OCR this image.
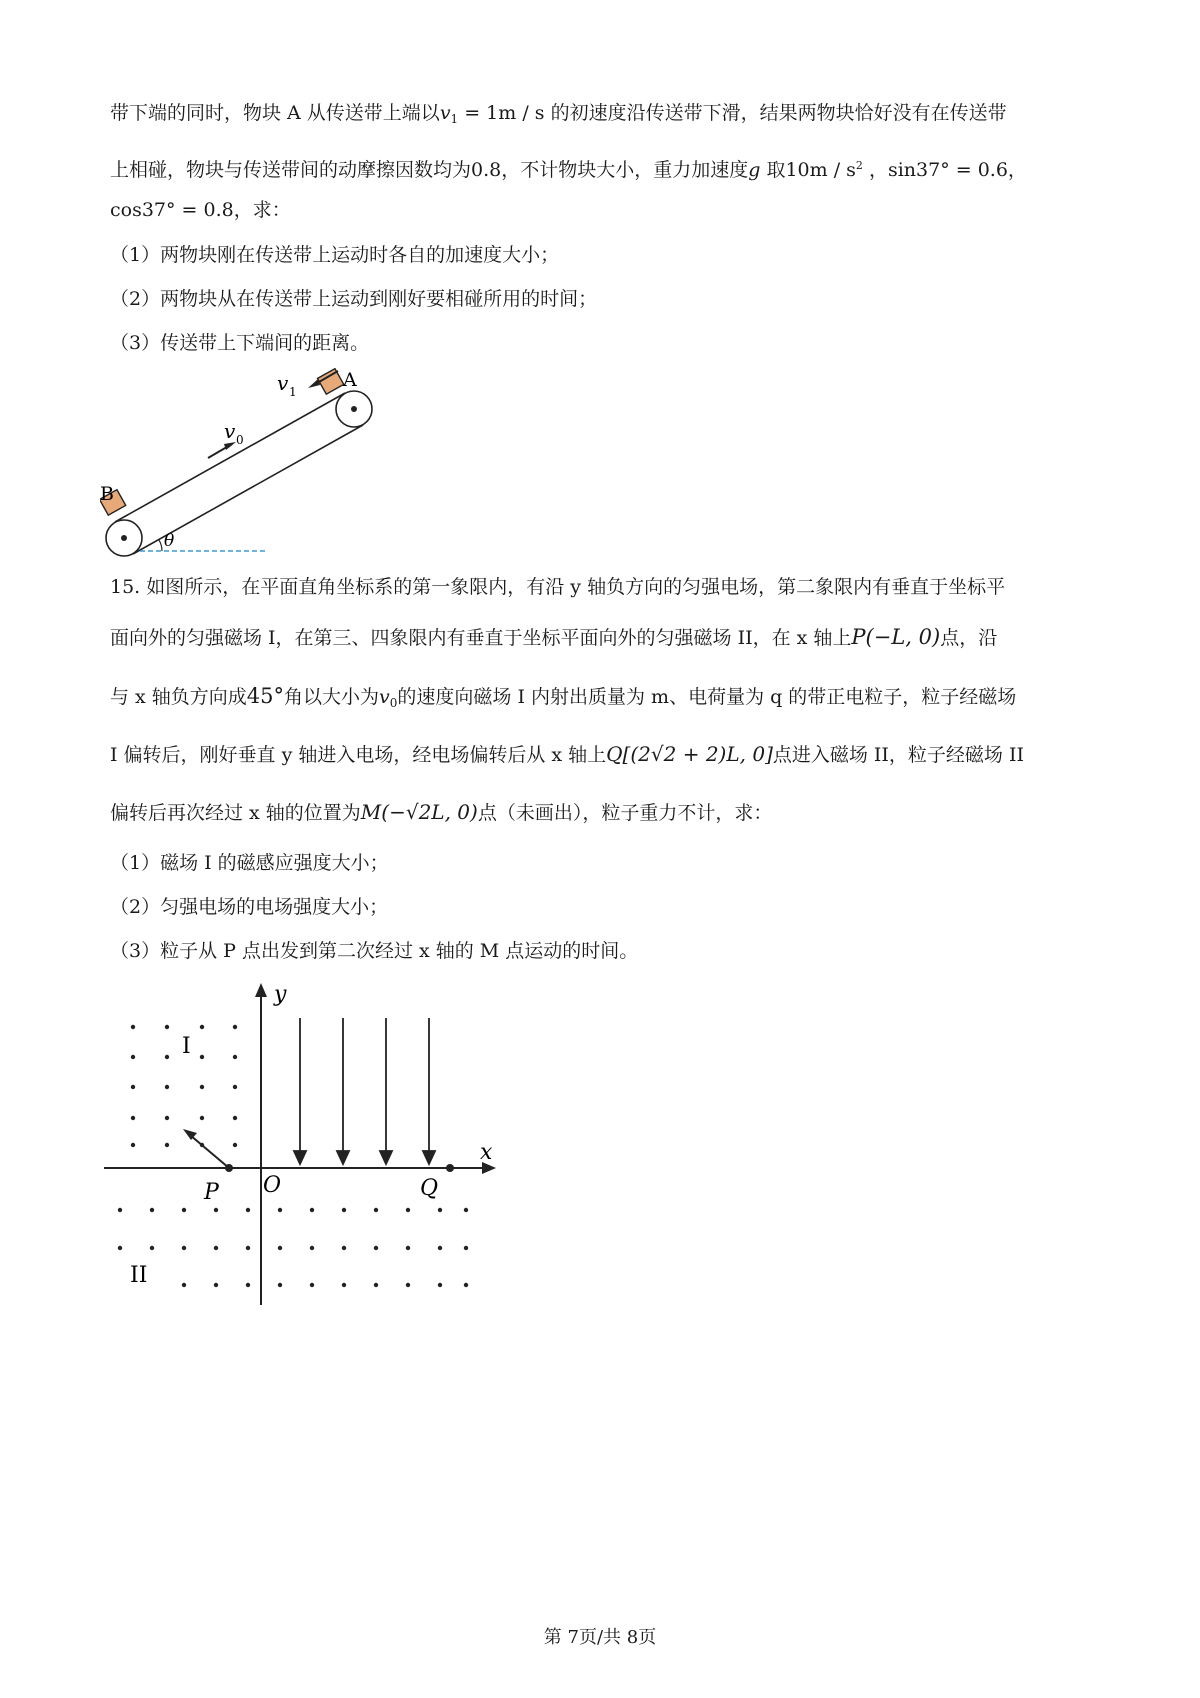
带下端的同时，物块 A 从传送带上端以$v_1 = 1m / s$ 的初速度沿传送带下滑，结果两物块恰好没有在传送带
上相碰，物块与传送带间的动摩擦因数均为0.8，不计物块大小，重力加速度g 取$10m / s^2$ ，sin37° = 0.6，
cos37° = 0.8，求：
（1）两物块刚在传送带上运动时各自的加速度大小；
（2）两物块从在传送带上运动到刚好要相碰所用的时间；
（3）传送带上下端间的距离。
v 1
A
v 0
B
θ
15. 如图所示，在平面直角坐标系的第一象限内，有沿 y 轴负方向的匀强电场，第二象限内有垂直于坐标平
面向外的匀强磁场 I，在第三、四象限内有垂直于坐标平面向外的匀强磁场 II，在 x 轴上P(−L, 0)点，沿
与 x 轴负方向成45°角以大小为$v_0$的速度向磁场 I 内射出质量为 m、电荷量为 q 的带正电粒子，粒子经磁场
I 偏转后，刚好垂直 y 轴进入电场，经电场偏转后从 x 轴上Q[(2√2 + 2)L, 0]点进入磁场 II，粒子经磁场 II
偏转后再次经过 x 轴的位置为M(−√2L, 0)点（未画出），粒子重力不计，求：
（1）磁场 I 的磁感应强度大小；
（2）匀强电场的电场强度大小；
（3）粒子从 P 点出发到第二次经过 x 轴的 M 点运动的时间。
y
x
O
P	Q
I
II
第 7页/共 8页
